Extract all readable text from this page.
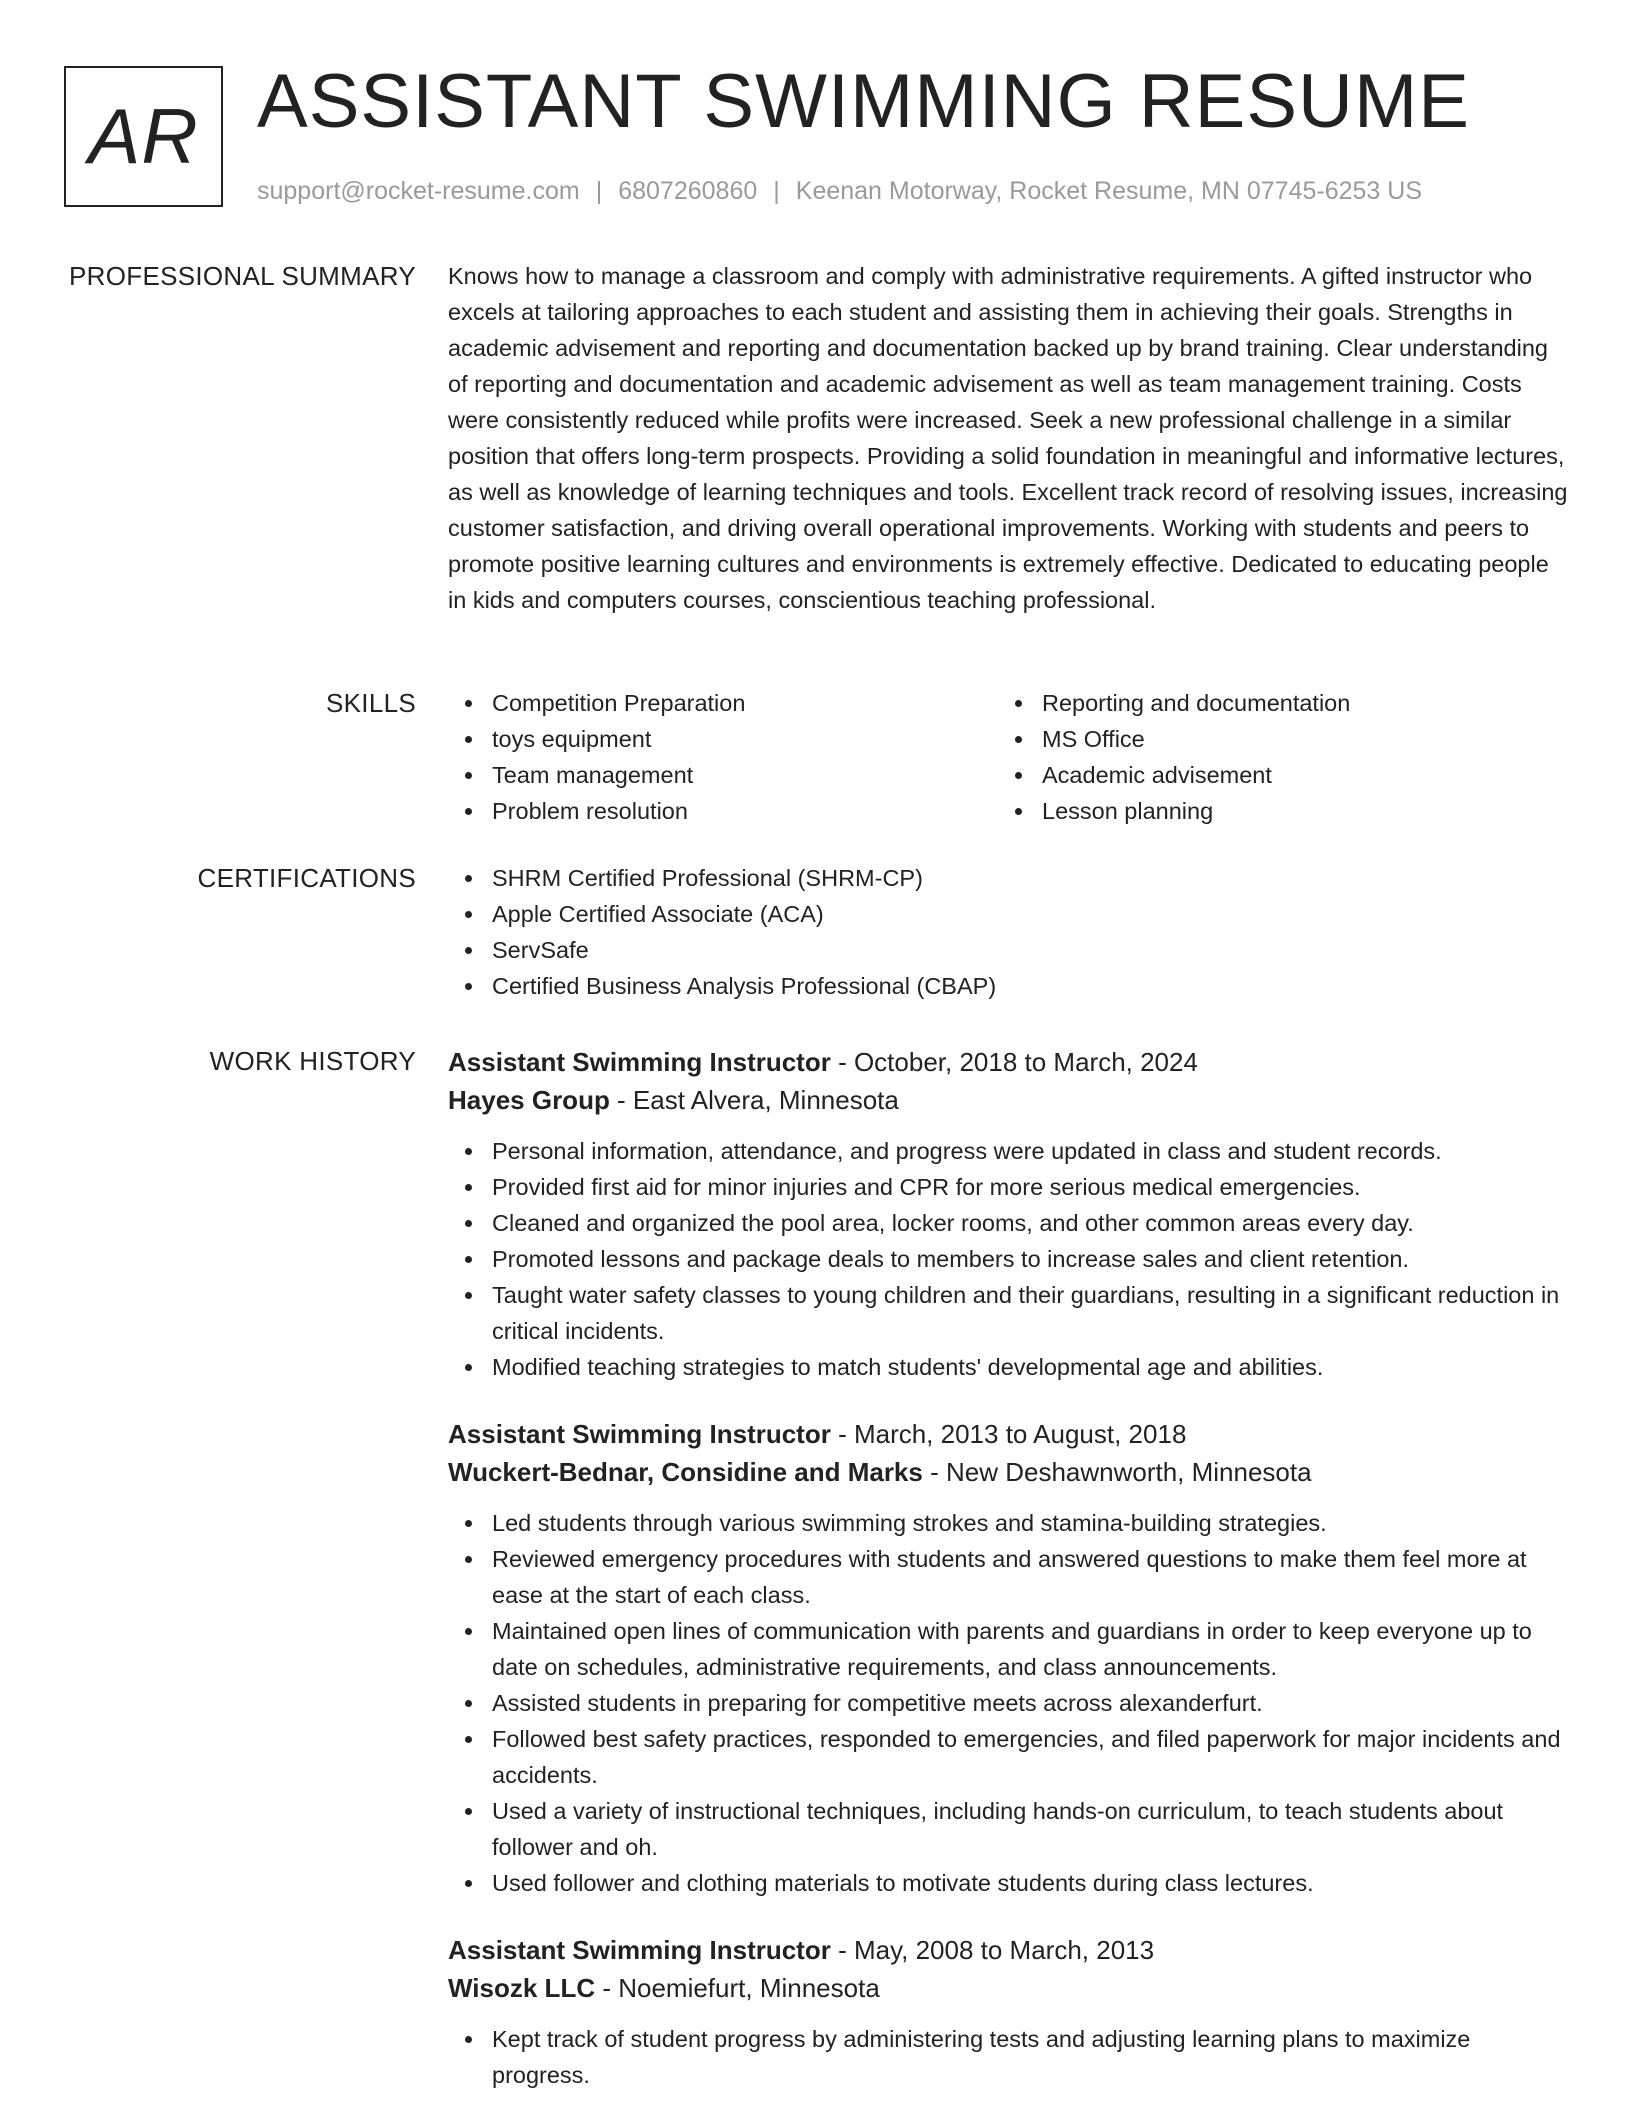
AR ASSISTANT SWIMMING RESUME
support@rocket-resume.com | 6807260860 | Keenan Motorway, Rocket Resume, MN 07745-6253 US
PROFESSIONAL SUMMARY Knows how to manage a classroom and comply with administrative requirements. A gifted instructor who excels at tailoring approaches to each student and assisting them in achieving their goals. Strengths in academic advisement and reporting and documentation backed up by brand training. Clear understanding of reporting and documentation and academic advisement as well as team management training. Costs were consistently reduced while profits were increased. Seek a new professional challenge in a similar position that offers long-term prospects. Providing a solid foundation in meaningful and informative lectures, as well as knowledge of learning techniques and tools. Excellent track record of resolving issues, increasing customer satisfaction, and driving overall operational improvements. Working with students and peers to promote positive learning cultures and environments is extremely effective. Dedicated to educating people in kids and computers courses, conscientious teaching professional.

SKILLS	Competition Preparation
toys equipment
Team management
Problem resolution
Reporting and documentation
MS Office
Academic advisement
Lesson planning
CERTIFICATIONS	SHRM Certified Professional (SHRM-CP)
Apple Certified Associate (ACA)
ServSafe
Certified Business Analysis Professional (CBAP)
WORK HISTORY Assistant Swimming Instructor - October, 2018 to March, 2024
Hayes Group - East Alvera, Minnesota
Personal information, attendance, and progress were updated in class and student records.
Provided first aid for minor injuries and CPR for more serious medical emergencies.
Cleaned and organized the pool area, locker rooms, and other common areas every day.
Promoted lessons and package deals to members to increase sales and client retention.
Taught water safety classes to young children and their guardians, resulting in a significant reduction in critical incidents.
Modified teaching strategies to match students' developmental age and abilities.
Assistant Swimming Instructor - March, 2013 to August, 2018
Wuckert-Bednar, Considine and Marks - New Deshawnworth, Minnesota
Led students through various swimming strokes and stamina-building strategies.
Reviewed emergency procedures with students and answered questions to make them feel more at ease at the start of each class.
Maintained open lines of communication with parents and guardians in order to keep everyone up to date on schedules, administrative requirements, and class announcements.
Assisted students in preparing for competitive meets across alexanderfurt.
Followed best safety practices, responded to emergencies, and filed paperwork for major incidents and accidents.
Used a variety of instructional techniques, including hands-on curriculum, to teach students about follower and oh.
Used follower and clothing materials to motivate students during class lectures.
Assistant Swimming Instructor - May, 2008 to March, 2013
Wisozk LLC - Noemiefurt, Minnesota
Kept track of student progress by administering tests and adjusting learning plans to maximize progress.
